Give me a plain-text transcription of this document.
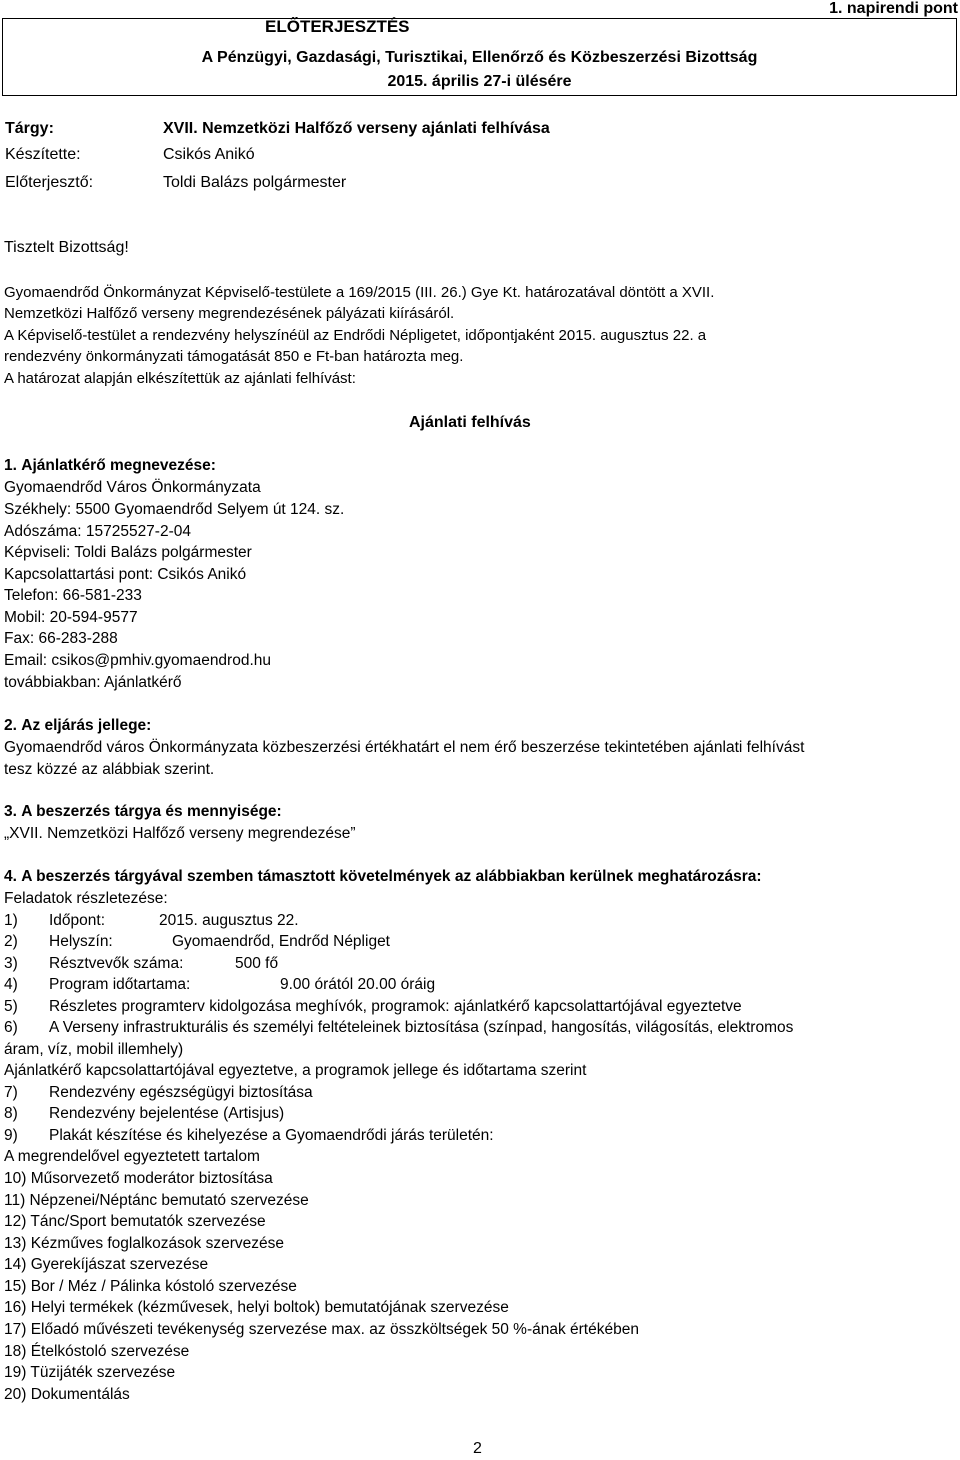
1. napirendi pont
ELŐTERJESZTÉS
A Pénzügyi, Gazdasági, Turisztikai, Ellenőrző és Közbeszerzési Bizottság
2015. április 27-i ülésére
Tárgy:	XVII. Nemzetközi Halfőző verseny ajánlati felhívása
Készítette:	Csikós Anikó
Előterjesztő:	Toldi Balázs polgármester
Tisztelt Bizottság!
Gyomaendrőd Önkormányzat Képviselő-testülete a 169/2015 (III. 26.) Gye Kt. határozatával döntött a XVII.
Nemzetközi Halfőző verseny megrendezésének pályázati kiírásáról.
A Képviselő-testület a rendezvény helyszínéül az Endrődi Népligetet, időpontjaként 2015. augusztus 22. a
rendezvény önkormányzati támogatását 850 e Ft-ban határozta meg.
A határozat alapján elkészítettük az ajánlati felhívást:
Ajánlati felhívás
1. Ajánlatkérő megnevezése:
Gyomaendrőd Város Önkormányzata
Székhely: 5500 Gyomaendrőd Selyem út 124. sz.
Adószáma: 15725527-2-04
Képviseli: Toldi Balázs polgármester
Kapcsolattartási pont: Csikós Anikó
Telefon: 66-581-233
Mobil: 20-594-9577
Fax: 66-283-288
Email: csikos@pmhiv.gyomaendrod.hu
továbbiakban: Ajánlatkérő
2. Az eljárás jellege:
Gyomaendrőd város Önkormányzata közbeszerzési értékhatárt el nem érő beszerzése tekintetében ajánlati felhívást
tesz közzé az alábbiak szerint.
3. A beszerzés tárgya és mennyisége:
„XVII. Nemzetközi Halfőző verseny megrendezése”
4. A beszerzés tárgyával szemben támasztott követelmények az alábbiakban kerülnek meghatározásra:
Feladatok részletezése:
1) Időpont:	2015. augusztus 22.
2) Helyszín:	Gyomaendrőd, Endrőd Népliget
3) Résztvevők száma:	500 fő
4) Program időtartama:	9.00 órától 20.00 óráig
5) Részletes programterv kidolgozása meghívók, programok: ajánlatkérő kapcsolattartójával egyeztetve
6) A Verseny infrastrukturális és személyi feltételeinek biztosítása (színpad, hangosítás, világosítás, elektromos
áram, víz, mobil illemhely)
Ajánlatkérő kapcsolattartójával egyeztetve, a programok jellege és időtartama szerint
7) Rendezvény egészségügyi biztosítása
8) Rendezvény bejelentése (Artisjus)
9) Plakát készítése és kihelyezése a Gyomaendrődi járás területén:
A megrendelővel egyeztetett tartalom
10) Műsorvezető moderátor biztosítása
11) Népzenei/Néptánc bemutató szervezése
12) Tánc/Sport bemutatók szervezése
13) Kézműves foglalkozások szervezése
14) Gyerekíjászat szervezése
15) Bor / Méz / Pálinka kóstoló szervezése
16) Helyi termékek (kézművesek, helyi boltok) bemutatójának szervezése
17) Előadó művészeti tevékenység szervezése max. az összköltségek 50 %-ának értékében
18) Ételkóstoló szervezése
19) Tüzijáték szervezése
20) Dokumentálás
2
